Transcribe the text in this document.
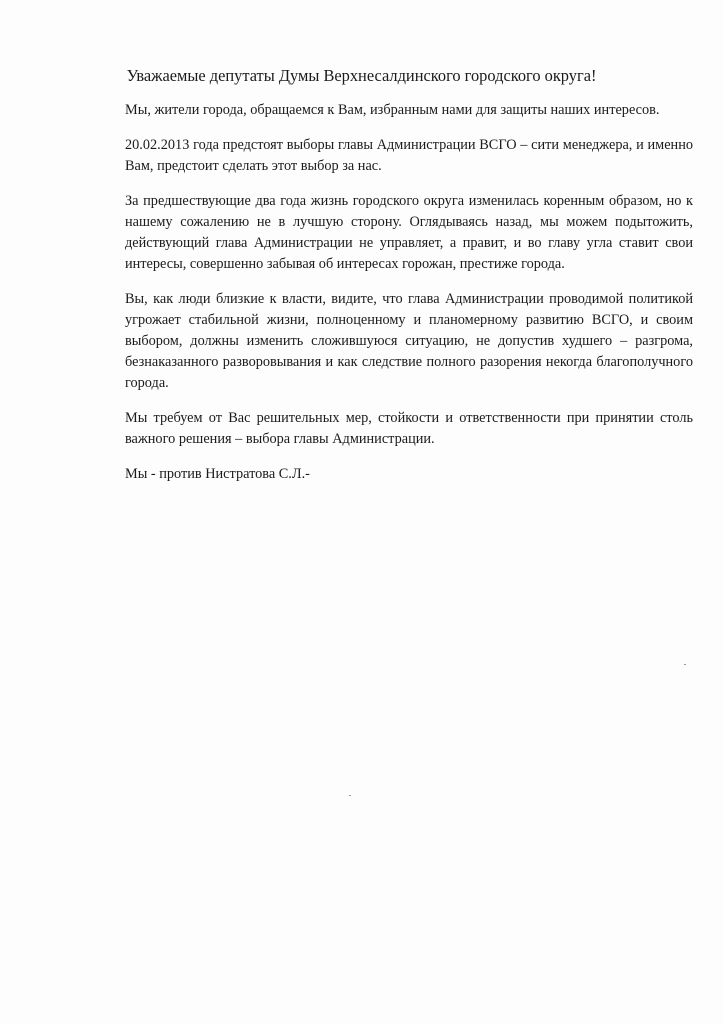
Уважаемые депутаты Думы Верхнесалдинского городского округа!

Мы, жители города, обращаемся к Вам, избранным нами для защиты наших интересов.

20.02.2013 года предстоят выборы главы Администрации ВСГО – сити менеджера, и именно Вам, предстоит сделать этот выбор за нас.

За предшествующие два года жизнь городского округа изменилась коренным образом, но к нашему сожалению не в лучшую сторону. Оглядываясь назад, мы можем подытожить, действующий глава Администрации не управляет, а правит, и во главу угла ставит свои интересы, совершенно забывая об интересах горожан, престиже города.

Вы, как люди близкие к власти, видите, что глава Администрации проводимой политикой угрожает стабильной жизни, полноценному и планомерному развитию ВСГО, и своим выбором, должны изменить сложившуюся ситуацию, не допустив худшего – разгрома, безнаказанного разворовывания и как следствие полного разорения некогда благополучного города.

Мы требуем от Вас решительных мер, стойкости и ответственности при принятии столь важного решения – выбора главы Администрации.

Мы - против Нистратова С.Л.-
